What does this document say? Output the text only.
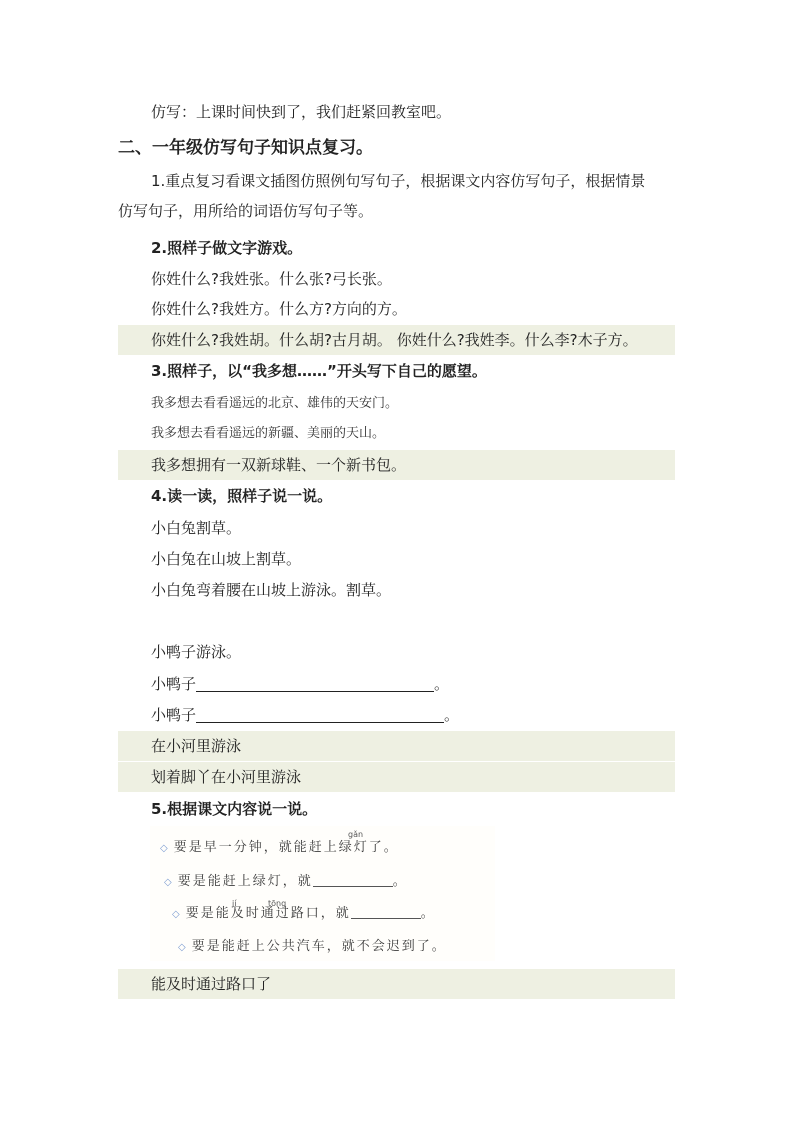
仿写：上课时间快到了，我们赶紧回教室吧。
二、一年级仿写句子知识点复习。
1.重点复习看课文插图仿照例句写句子，根据课文内容仿写句子，根据情景
仿写句子，用所给的词语仿写句子等。
2.照样子做文字游戏。
你姓什么?我姓张。什么张?弓长张。
你姓什么?我姓方。什么方?方向的方。
你姓什么?我姓胡。什么胡?古月胡。 你姓什么?我姓李。什么李?木子方。
3.照样子，以“我多想……”开头写下自己的愿望。
我多想去看看遥远的北京、雄伟的天安门。
我多想去看看遥远的新疆、美丽的天山。
我多想拥有一双新球鞋、一个新书包。
4.读一读，照样子说一说。
小白兔割草。
小白兔在山坡上割草。
小白兔弯着腰在山坡上游泳。割草。
小鸭子游泳。
小鸭子	。
小鸭子	。
在小河里游泳
划着脚丫在小河里游泳
5.根据课文内容说一说。
◇ 要是早一分钟，就能赶上绿灯了。
gǎn
◇ 要是能赶上绿灯，就	。
◇ 要是能及时通过路口，就	。
jí	tōng
◇ 要是能赶上公共汽车，就不会迟到了。
能及时通过路口了
